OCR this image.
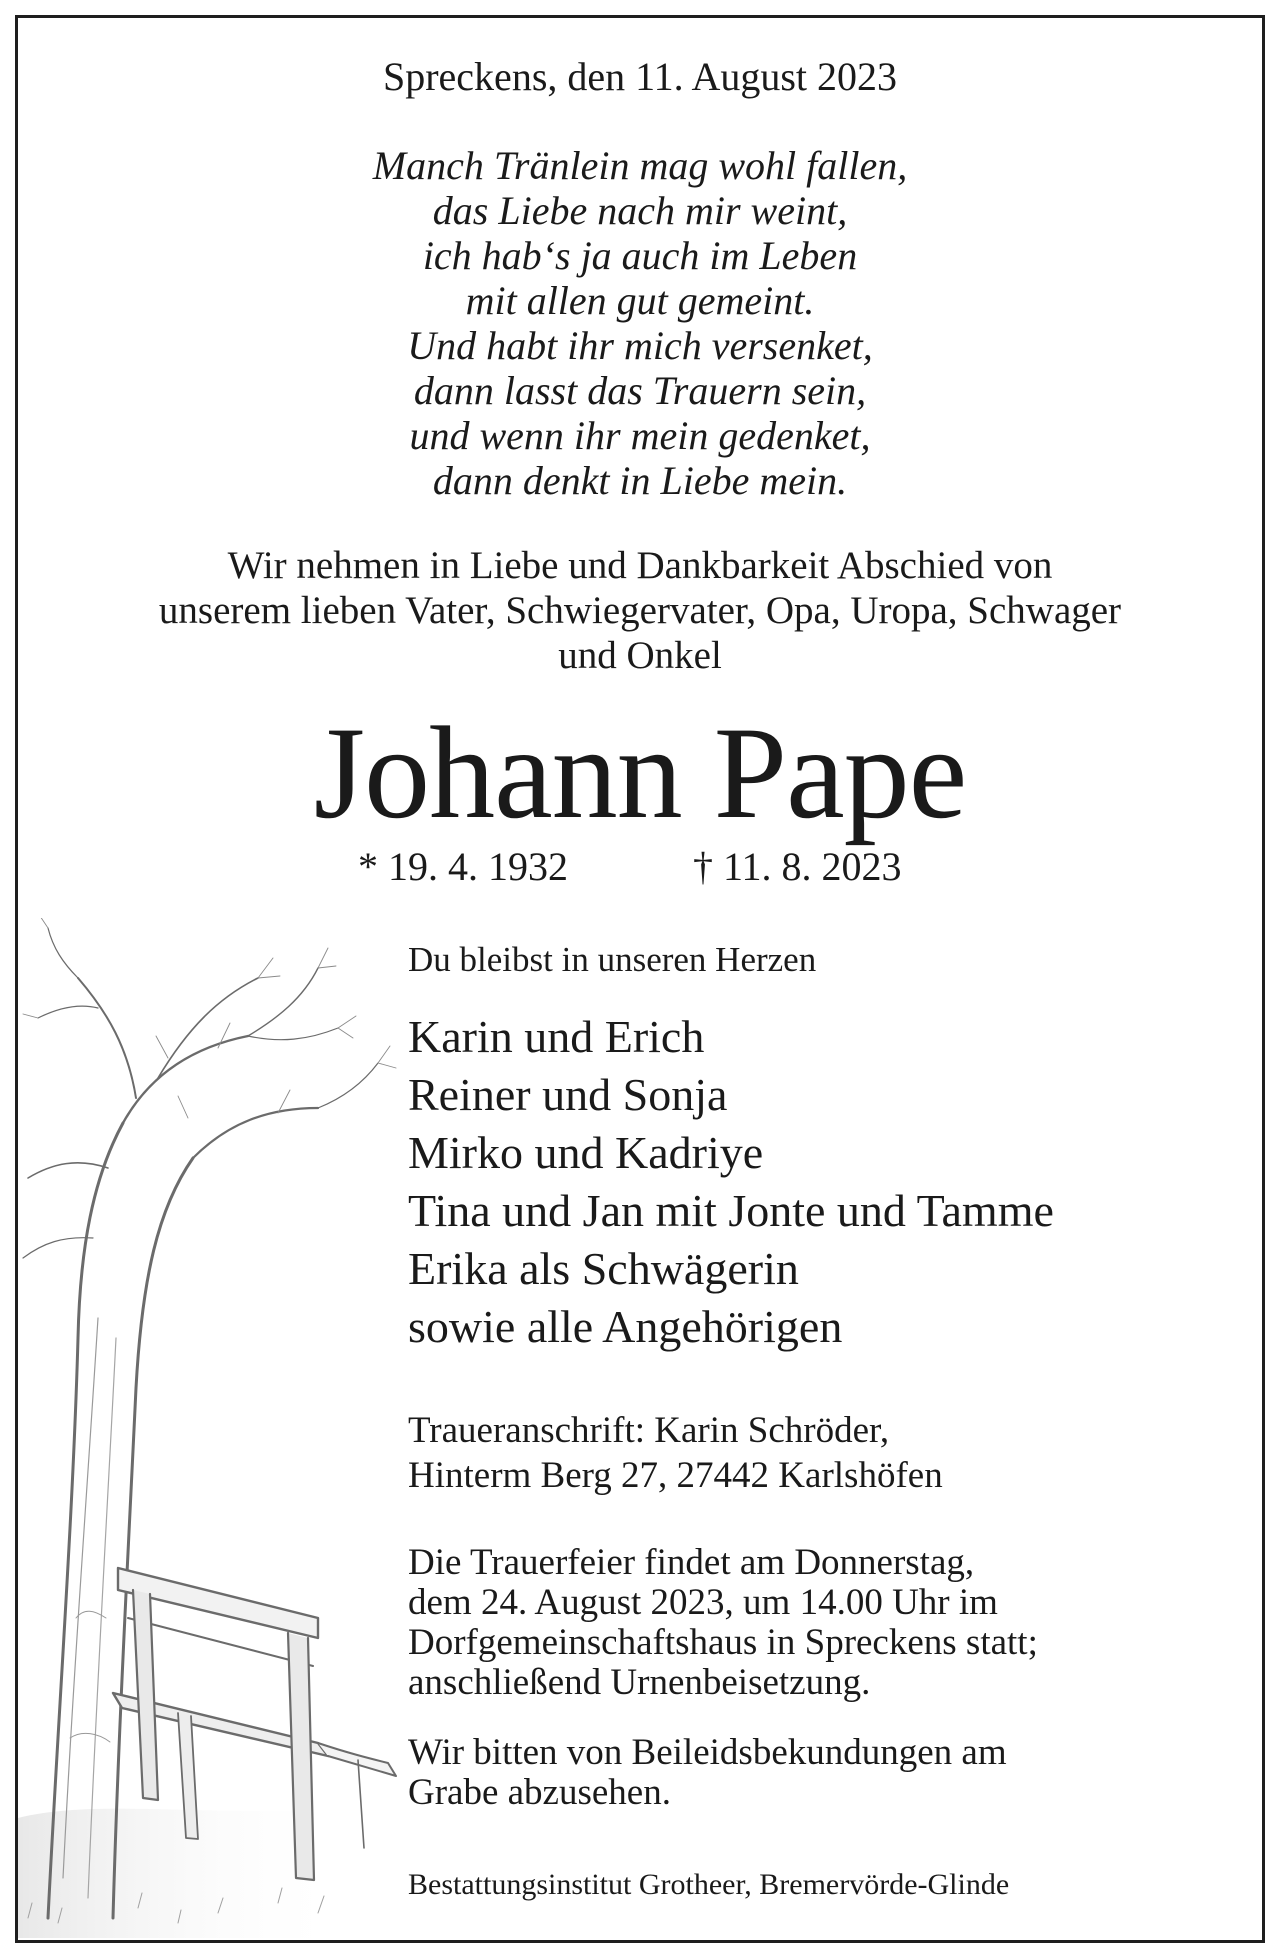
Spreckens, den 11. August 2023
Manch Tränlein mag wohl fallen,
das Liebe nach mir weint,
ich hab‘s ja auch im Leben
mit allen gut gemeint.
Und habt ihr mich versenket,
dann lasst das Trauern sein,
und wenn ihr mein gedenket,
dann denkt in Liebe mein.
Wir nehmen in Liebe und Dankbarkeit Abschied von
unserem lieben Vater, Schwiegervater, Opa, Uropa, Schwager
und Onkel
Johann Pape
* 19. 4. 1932	† 11. 8. 2023
Du bleibst in unseren Herzen
Karin und Erich
Reiner und Sonja
Mirko und Kadriye
Tina und Jan mit Jonte und Tamme
Erika als Schwägerin
sowie alle Angehörigen
Traueranschrift: Karin Schröder,
Hinterm Berg 27, 27442 Karlshöfen
Die Trauerfeier findet am Donnerstag,
dem 24. August 2023, um 14.00 Uhr im
Dorfgemeinschaftshaus in Spreckens statt;
anschließend Urnenbeisetzung.
Wir bitten von Beileidsbekundungen am
Grabe abzusehen.
Bestattungsinstitut Grotheer, Bremervörde-Glinde
